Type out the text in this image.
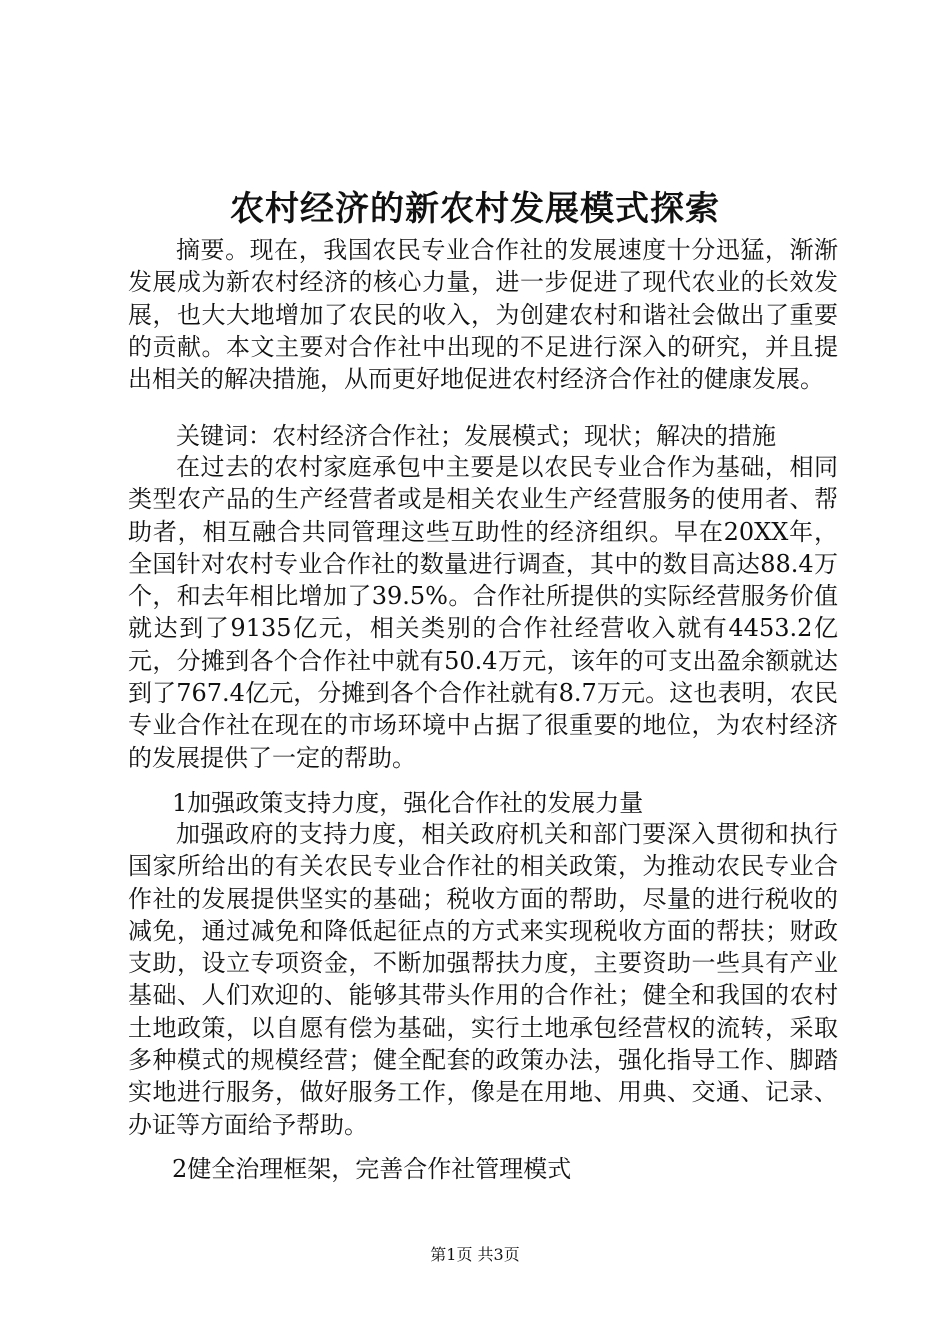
农村经济的新农村发展模式探索

摘要。现在，我国农民专业合作社的发展速度十分迅猛，渐渐发展成为新农村经济的核心力量，进一步促进了现代农业的长效发展，也大大地增加了农民的收入，为创建农村和谐社会做出了重要的贡献。本文主要对合作社中出现的不足进行深入的研究，并且提出相关的解决措施，从而更好地促进农村经济合作社的健康发展。

关键词：农村经济合作社；发展模式；现状；解决的措施

在过去的农村家庭承包中主要是以农民专业合作为基础，相同类型农产品的生产经营者或是相关农业生产经营服务的使用者、帮助者，相互融合共同管理这些互助性的经济组织。早在20XX年，全国针对农村专业合作社的数量进行调查，其中的数目高达88.4万个，和去年相比增加了39.5%。合作社所提供的实际经营服务价值就达到了9135亿元，相关类别的合作社经营收入就有4453.2亿元，分摊到各个合作社中就有50.4万元，该年的可支出盈余额就达到了767.4亿元，分摊到各个合作社就有8.7万元。这也表明，农民专业合作社在现在的市场环境中占据了很重要的地位，为农村经济的发展提供了一定的帮助。

1加强政策支持力度，强化合作社的发展力量

加强政府的支持力度，相关政府机关和部门要深入贯彻和执行国家所给出的有关农民专业合作社的相关政策，为推动农民专业合作社的发展提供坚实的基础；税收方面的帮助，尽量的进行税收的减免，通过减免和降低起征点的方式来实现税收方面的帮扶；财政支助，设立专项资金，不断加强帮扶力度，主要资助一些具有产业基础、人们欢迎的、能够其带头作用的合作社；健全和我国的农村土地政策，以自愿有偿为基础，实行土地承包经营权的流转，采取多种模式的规模经营；健全配套的政策办法，强化指导工作、脚踏实地进行服务，做好服务工作，像是在用地、用典、交通、记录、办证等方面给予帮助。

2健全治理框架，完善合作社管理模式
第1页 共3页
